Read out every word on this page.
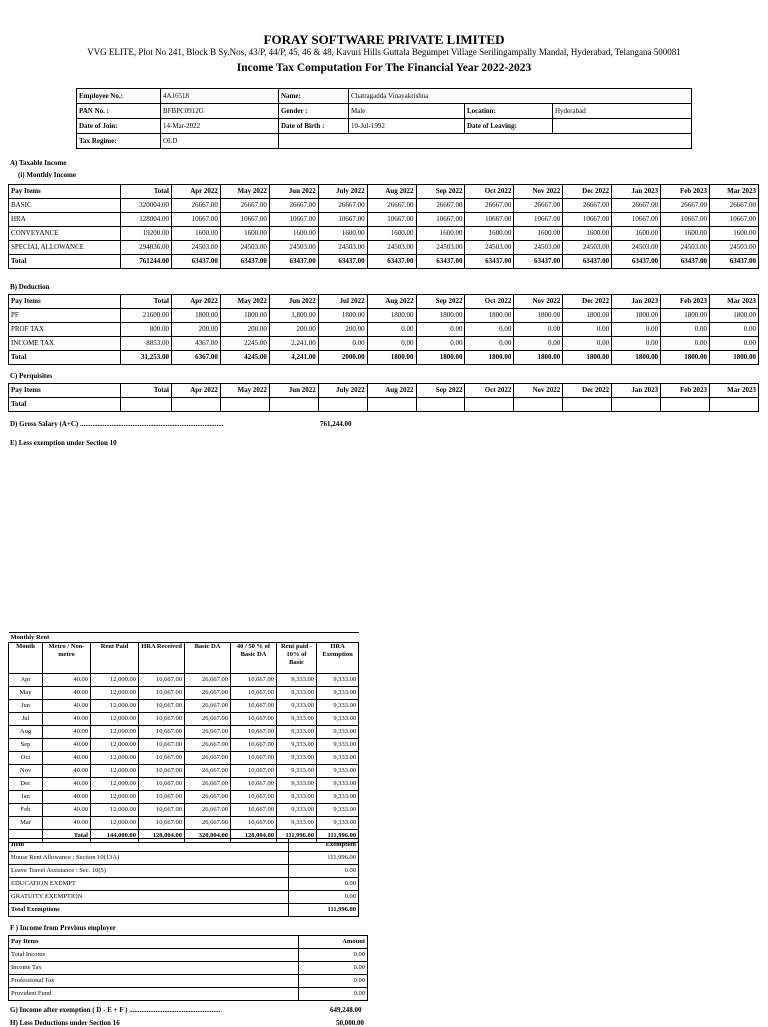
FORAY SOFTWARE PRIVATE LIMITED
VVG ELITE, Plot No 241, Block B Sy.Nos, 43/P, 44/P, 45, 46 & 48, Kavuri Hills Guttala Begumpet Village Serilingampally Mandal, Hyderabad, Telangana 500081
Income Tax Computation For The Financial Year 2022-2023
Employee No.:	4A16518	Name:	Chatragadda Vinayakrishna		
PAN No. :	BFBPC0912G	Gender :	Male	Location:	Hyderabad
Date of Join:	14-Mar-2022	Date of Birth :	10-Jul-1992	Date of Leaving:	
Tax Regime:	OLD				
A) Taxable Income
(i) Monthly Income
Pay Items	Total	Apr 2022	May 2022	Jun 2022	July 2022	Aug 2022	Sep 2022	Oct 2022	Nov 2022	Dec 2022	Jan 2023	Feb 2023	Mar 2023
BASIC	320004.00	26667.00	26667.00	26667.00	26667.00	26667.00	26667.00	26667.00	26667.00	26667.00	26667.00	26667.00	26667.00
HRA	128004.00	10667.00	10667.00	10667.00	10667.00	10667.00	10667.00	10667.00	10667.00	10667.00	10667.00	10667.00	10667.00
CONVEYANCE	19200.00	1600.00	1600.00	1600.00	1600.00	1600.00	1600.00	1600.00	1600.00	1600.00	1600.00	1600.00	1600.00
SPECIAL ALLOWANCE	294036.00	24503.00	24503.00	24503.00	24503.00	24503.00	24503.00	24503.00	24503.00	24503.00	24503.00	24503.00	24503.00
Total	761244.00	63437.00	63437.00	63437.00	63437.00	63437.00	63437.00	63437.00	63437.00	63437.00	63437.00	63437.00	63437.00
B) Deduction
Pay Items	Total	Apr 2022	May 2022	Jun 2022	Jul 2022	Aug 2022	Sep 2022	Oct 2022	Nov 2022	Dec 2022	Jan 2023	Feb 2023	Mar 2023
PF	21600.00	1800.00	1800.00	1,800.00	1800.00	1800.00	1800.00	1800.00	1800.00	1800.00	1800.00	1800.00	1800.00
PROF TAX	800.00	200.00	200.00	200.00	200.00	0.00	0.00	0.00	0.00	0.00	0.00	0.00	0.00
INCOME TAX	8853.00	4367.00	2245.00	2,241.00	0.00	0.00	0.00	0.00	0.00	0.00	0.00	0.00	0.00
Total	31,253.00	6367.00	4245.00	4,241.00	2000.00	1800.00	1800.00	1800.00	1800.00	1800.00	1800.00	1800.00	1800.00
C) Perquisites
Pay Items	Total	Apr 2022	May 2022	Jun 2022	July 2022	Aug 2022	Sep 2022	Oct 2022	Nov 2022	Dec 2022	Jan 2023	Feb 2023	Mar 2023
Total													
D) Gross Salary (A+C) ..................................................................................	761,244.00
E) Less exemption under Section 10
Monthly Rent							
Month	Metro / Non-metro	Rent Paid	HRA Received	Basic DA	40 / 50 % of Basic DA	Rent paid - 10% of Basic	HRA Exemption
Apr	40.00	12,000.00	10,667.00	26,667.00	10,667.00	9,333.00	9,333.00
May	40.00	12,000.00	10,667.00	26,667.00	10,667.00	9,333.00	9,333.00
Jun	40.00	12,000.00	10,667.00	26,667.00	10,667.00	9,333.00	9,333.00
Jul	40.00	12,000.00	10,667.00	26,667.00	10,667.00	9,333.00	9,333.00
Aug	40.00	12,000.00	10,667.00	26,667.00	10,667.00	9,333.00	9,333.00
Sep	40.00	12,000.00	10,667.00	26,667.00	10,667.00	9,333.00	9,333.00
Oct	40.00	12,000.00	10,667.00	26,667.00	10,667.00	9,333.00	9,333.00
Nov	40.00	12,000.00	10,667.00	26,667.00	10,667.00	9,333.00	9,333.00
Dec	40.00	12,000.00	10,667.00	26,667.00	10,667.00	9,333.00	9,333.00
Jan	40.00	12,000.00	10,667.00	26,667.00	10,667.00	9,333.00	9,333.00
Feb	40.00	12,000.00	10,667.00	26,667.00	10,667.00	9,333.00	9,333.00
Mar	40.00	12,000.00	10,667.00	26,667.00	10,667.00	9,333.00	9,333.00
	Total	144,000.00	128,004.00	320,004.00	128,004.00	111,996.00	111,996.00
Item	Exemption
House Rent Allowance : Section 10(13A)	111,996.00
Leave Travel Assistance : Sec. 10(5)	0.00
EDUCATION EXEMPT	0.00
GRATUITY EXEMPTION	0.00
Total Exemptions	111,996.00
F ) Income from Previous employer
Pay Items	Amount
Total Income	0.00
Income Tax	0.00
Professional Tax	0.00
Provident Fund	0.00
G) Income after exemption ( D - E + F ) ....................................................	649,248.00
H) Less Deductions under Section 16	50,000.00
